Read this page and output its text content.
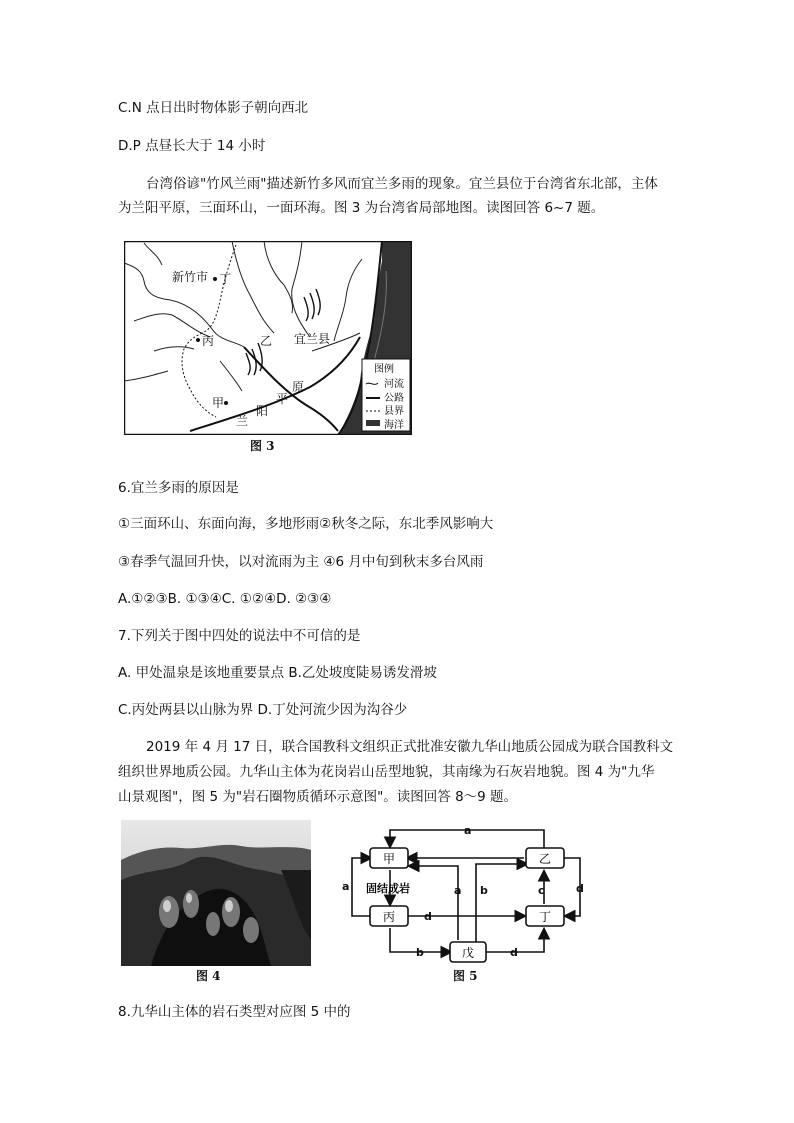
C.N 点日出时物体影子朝向西北
D.P 点昼长大于 14 小时
台湾俗谚"竹风兰雨"描述新竹多风而宜兰多雨的现象。宜兰县位于台湾省东北部，主体
为兰阳平原，三面环山，一面环海。图 3 为台湾省局部地图。读图回答 6~7 题。
新竹市 丁
丙	乙 宜兰县
甲
兰
阳
平
原
图例
河流
公路
县界
海洋
图 3
6.宜兰多雨的原因是
①三面环山、东面向海，多地形雨②秋冬之际，东北季风影响大
③春季气温回升快，以对流雨为主 ④6 月中旬到秋末多台风雨
A.①②③B. ①③④C. ①②④D. ②③④
7.下列关于图中四处的说法中不可信的是
A. 甲处温泉是该地重要景点 B.乙处坡度陡易诱发滑坡
C.丙处两县以山脉为界 D.丁处河流少因为沟谷少
2019 年 4 月 17 日，联合国教科文组织正式批准安徽九华山地质公园成为联合国教科文
组织世界地质公园。九华山主体为花岗岩山岳型地貌，其南缘为石灰岩地貌。图 4 为"九华
山景观图"，图 5 为"岩石圈物质循环示意图"。读图回答 8～9 题。
图 4
甲
丙
戊
乙
丁
a
a	a b	c	d
d
b	d
固结成岩
图 5
8.九华山主体的岩石类型对应图 5 中的
